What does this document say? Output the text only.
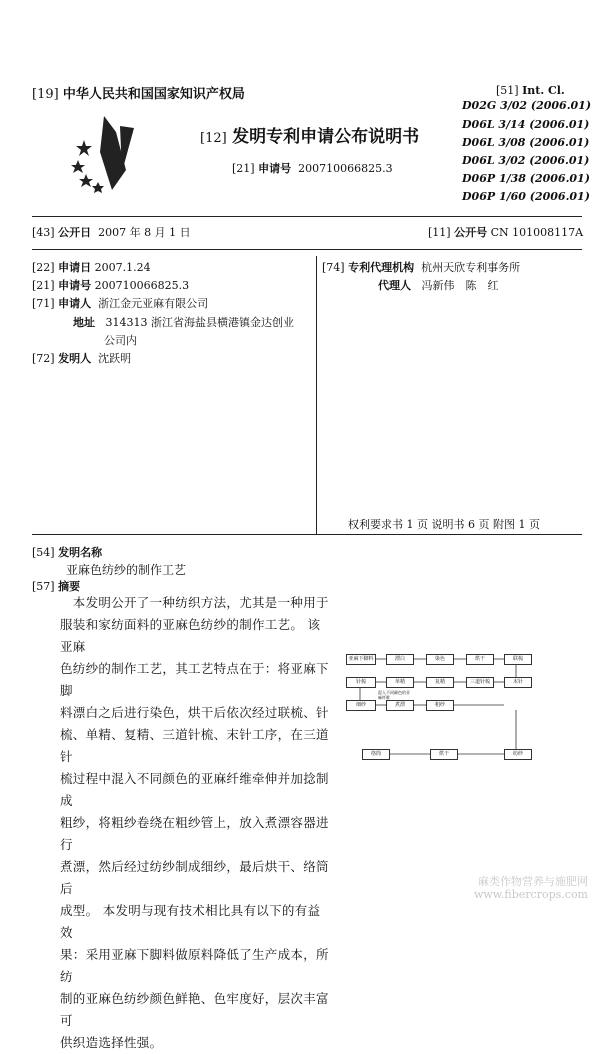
[19] 中华人民共和国国家知识产权局
[12] 发明专利申请公布说明书
[21] 申请号 200710066825.3
[51] Int. Cl.
D02G 3/02 (2006.01)
D06L 3/14 (2006.01)
D06L 3/08 (2006.01)
D06L 3/02 (2006.01)
D06P 1/38 (2006.01)
D06P 1/60 (2006.01)
[43] 公开日 2007 年 8 月 1 日	[11] 公开号 CN 101008117A
[22] 申请日 2007.1.24
[21] 申请号 200710066825.3
[71] 申请人 浙江金元亚麻有限公司
地址 314313 浙江省海盐县横港镇金达创业
公司内
[72] 发明人 沈跃明
[74] 专利代理机构 杭州天欣专利事务所
代理人 冯新伟　陈　红
权利要求书 1 页 说明书 6 页 附图 1 页
[54] 发明名称
亚麻色纺纱的制作工艺
[57] 摘要
　本发明公开了一种纺织方法，尤其是一种用于
服装和家纺面料的亚麻色纺纱的制作工艺。 该亚麻
色纺纱的制作工艺，其工艺特点在于：将亚麻下脚
料漂白之后进行染色，烘干后依次经过联梳、针
梳、单精、复精、三道针梳、末针工序，在三道针
梳过程中混入不同颜色的亚麻纤维牵伸并加捻制成
粗纱，将粗纱卷绕在粗纱管上，放入煮漂容器进行
煮漂，然后经过纺纱制成细纱，最后烘干、络筒后
成型。 本发明与现有技术相比具有以下的有益效
果：采用亚麻下脚料做原料降低了生产成本，所纺
制的亚麻色纺纱颜色鲜艳、色牢度好，层次丰富可
供织造选择性强。
亚麻下脚料	漂白	染色	烘干	联梳
针梳	单精	复精	三道针梳	末针
混入不同颜色的亚麻纤维
细纱	煮漂	粗纱
络筒	烘干	纺纱
麻类作物营养与施肥网
www.fibercrops.com
